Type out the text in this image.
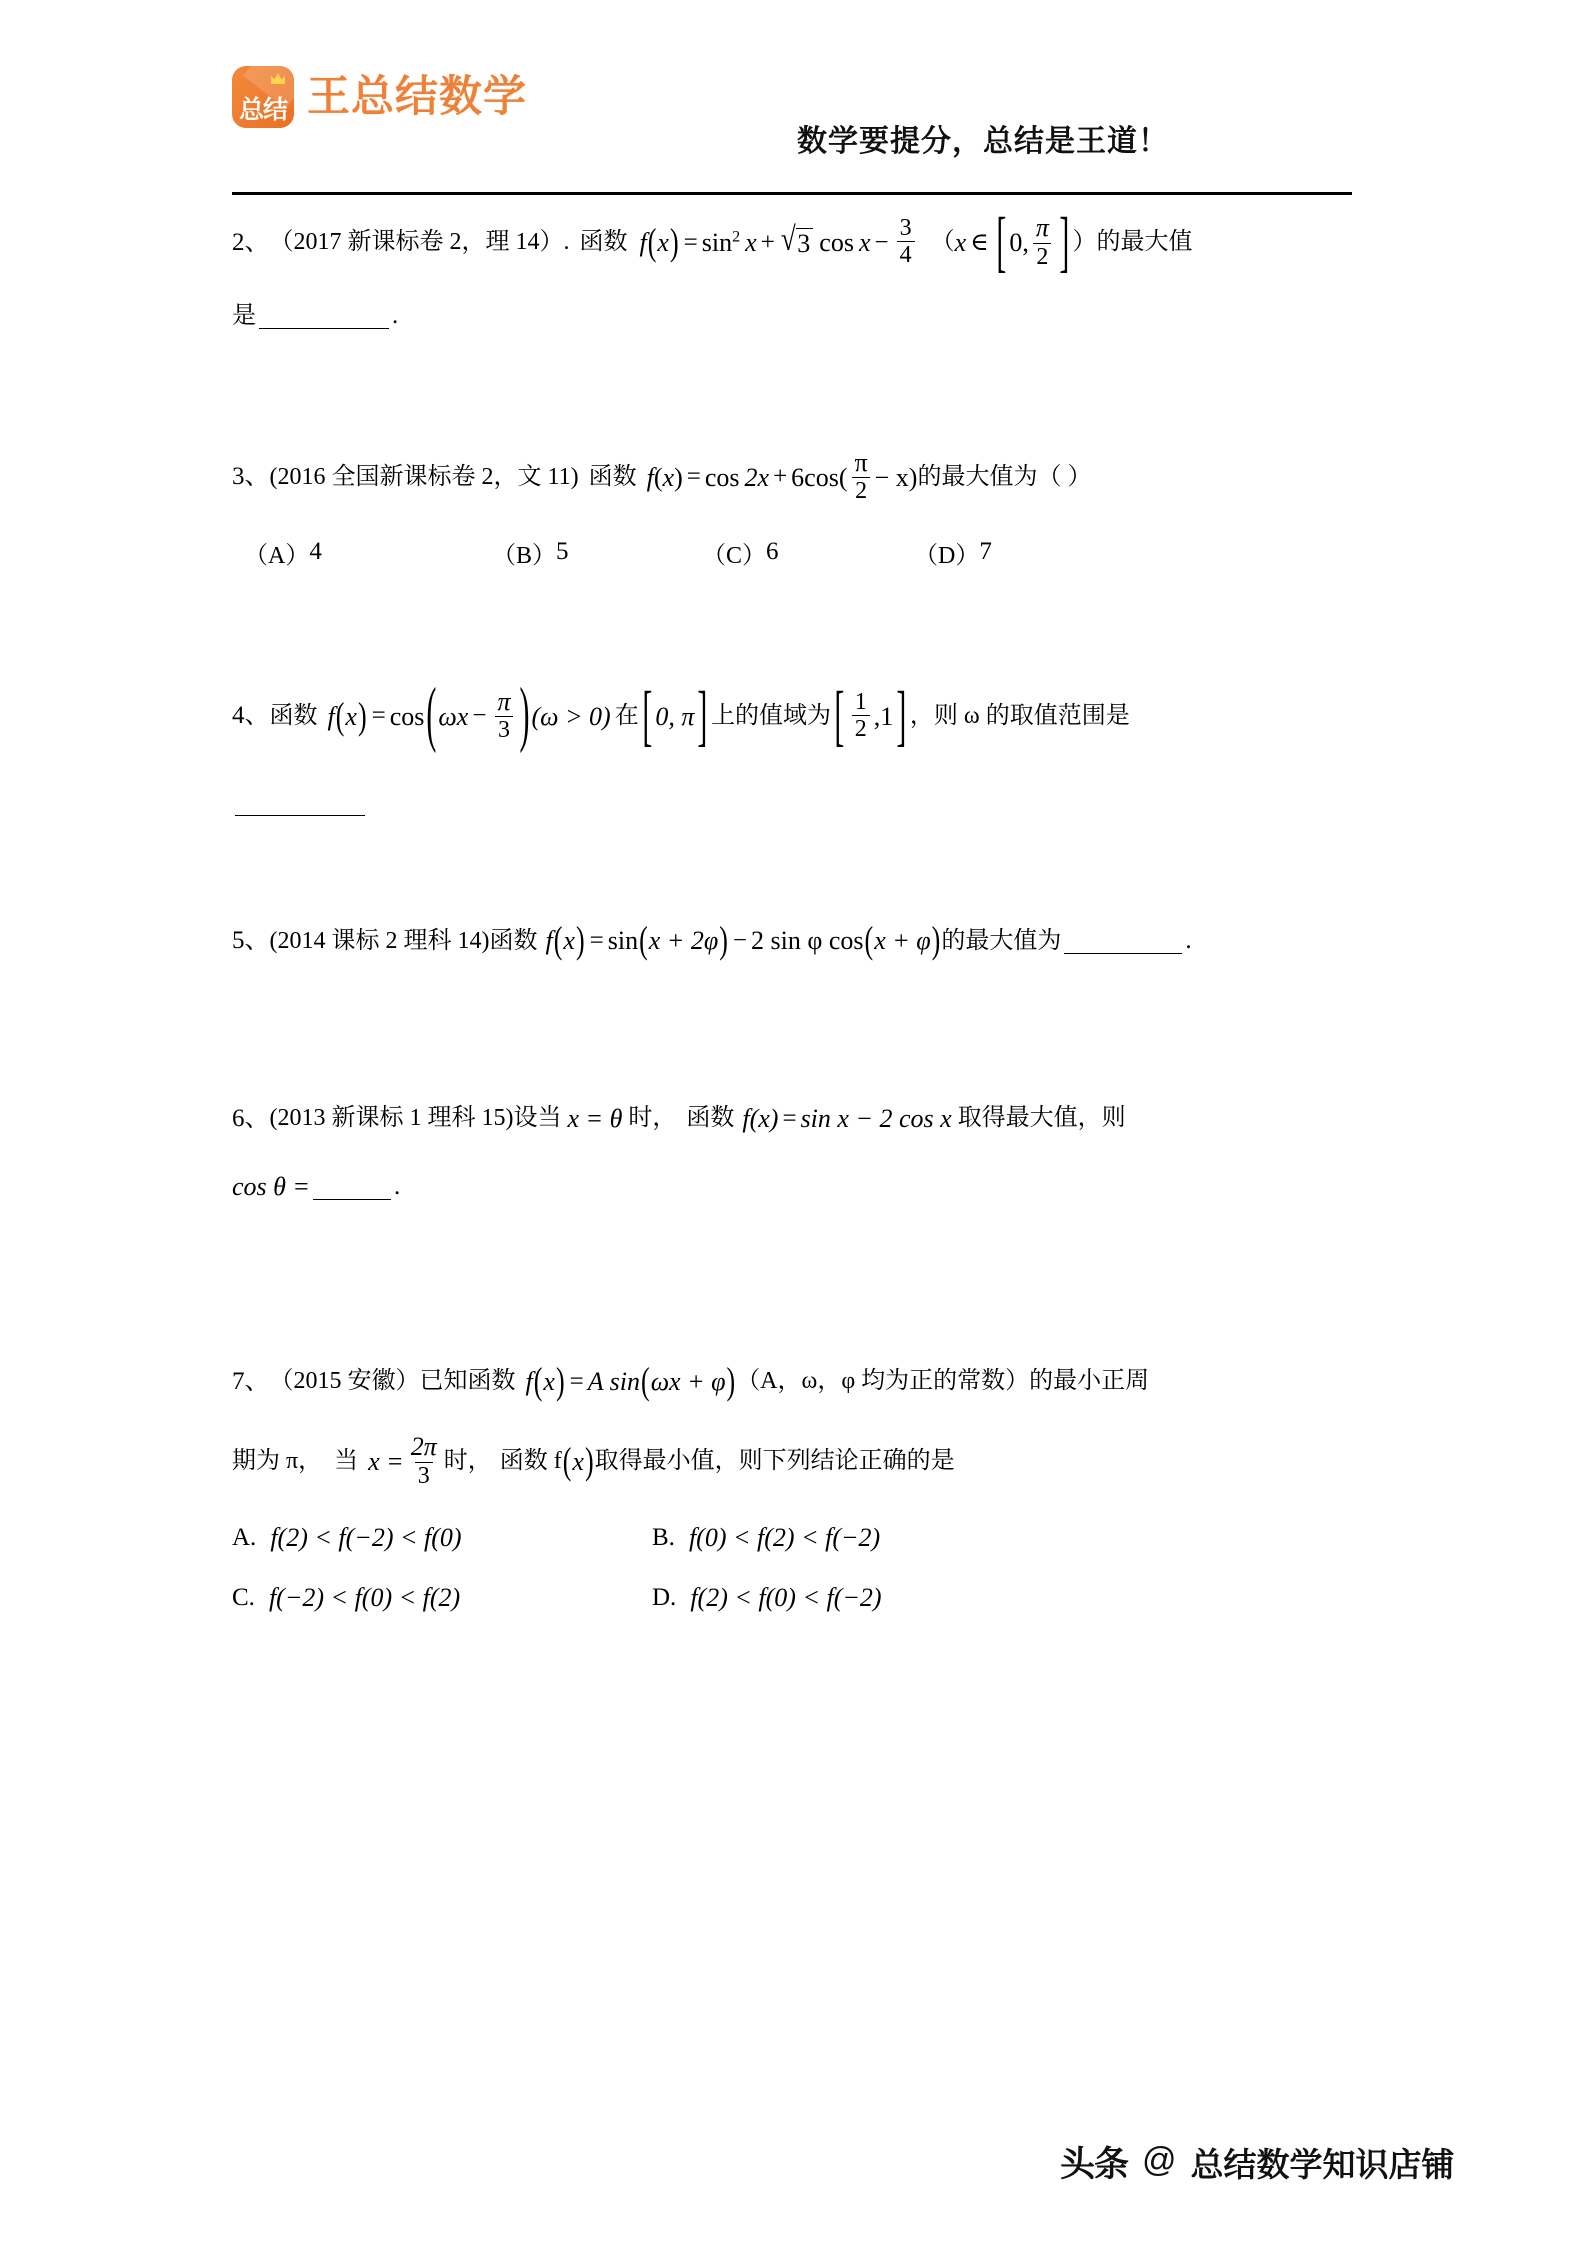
总结 王总结数学
数学要提分，总结是王道！
2、 （2017 新课标卷 2，理 14）. 函数 f ( x ) = $\sin^2 x$ + √ 3 $\cos x - \frac{3}{4}$ （ x ∈ [ 0, $\frac{\pi}{2}$ ] ） 的最大值
是	.
3、 (2016 全国新课标卷 2，文 11) 函数 f ( x ) = $\cos 2x + 6\cos( \frac{\pi}{2} - x)$ 的最大值为（ ）
（A） 4	（B） 5	（C） 6	（D） 7
4、 函数 f ( x ) = cos ( $\omega x - \frac{\pi}{3}$ ) (ω > 0) 在 [ 0, π ] 上的值域为 [ $\frac{1}{2} ,1$ ] ，则 ω 的取值范围是
5、 (2014 课标 2 理科 14) 函数 f ( x ) = sin ( x + 2φ ) − 2 sin φ cos ( x + φ ) 的最大值为	.
6、 (2013 新课标 1 理科 15) 设当 x = θ 时， 函数 f(x) = sin x − 2 cos x 取得最大值，则
cos θ =	.
7、 （2015 安徽） 已知函数 f ( x ) = A sin ( ωx + φ ) （A，ω，φ 均为正的常数） 的最小正周
期为 π， 当 $x = \frac{2\pi}{3}$ 时， 函数 f ( x ) 取得最小值，则下列结论正确的是
A. f(2) < f(−2) < f(0)	B. f(0) < f(2) < f(−2)
C. f(−2) < f(0) < f(2)	D. f(2) < f(0) < f(−2)
头条 @ 总结数学知识店铺
